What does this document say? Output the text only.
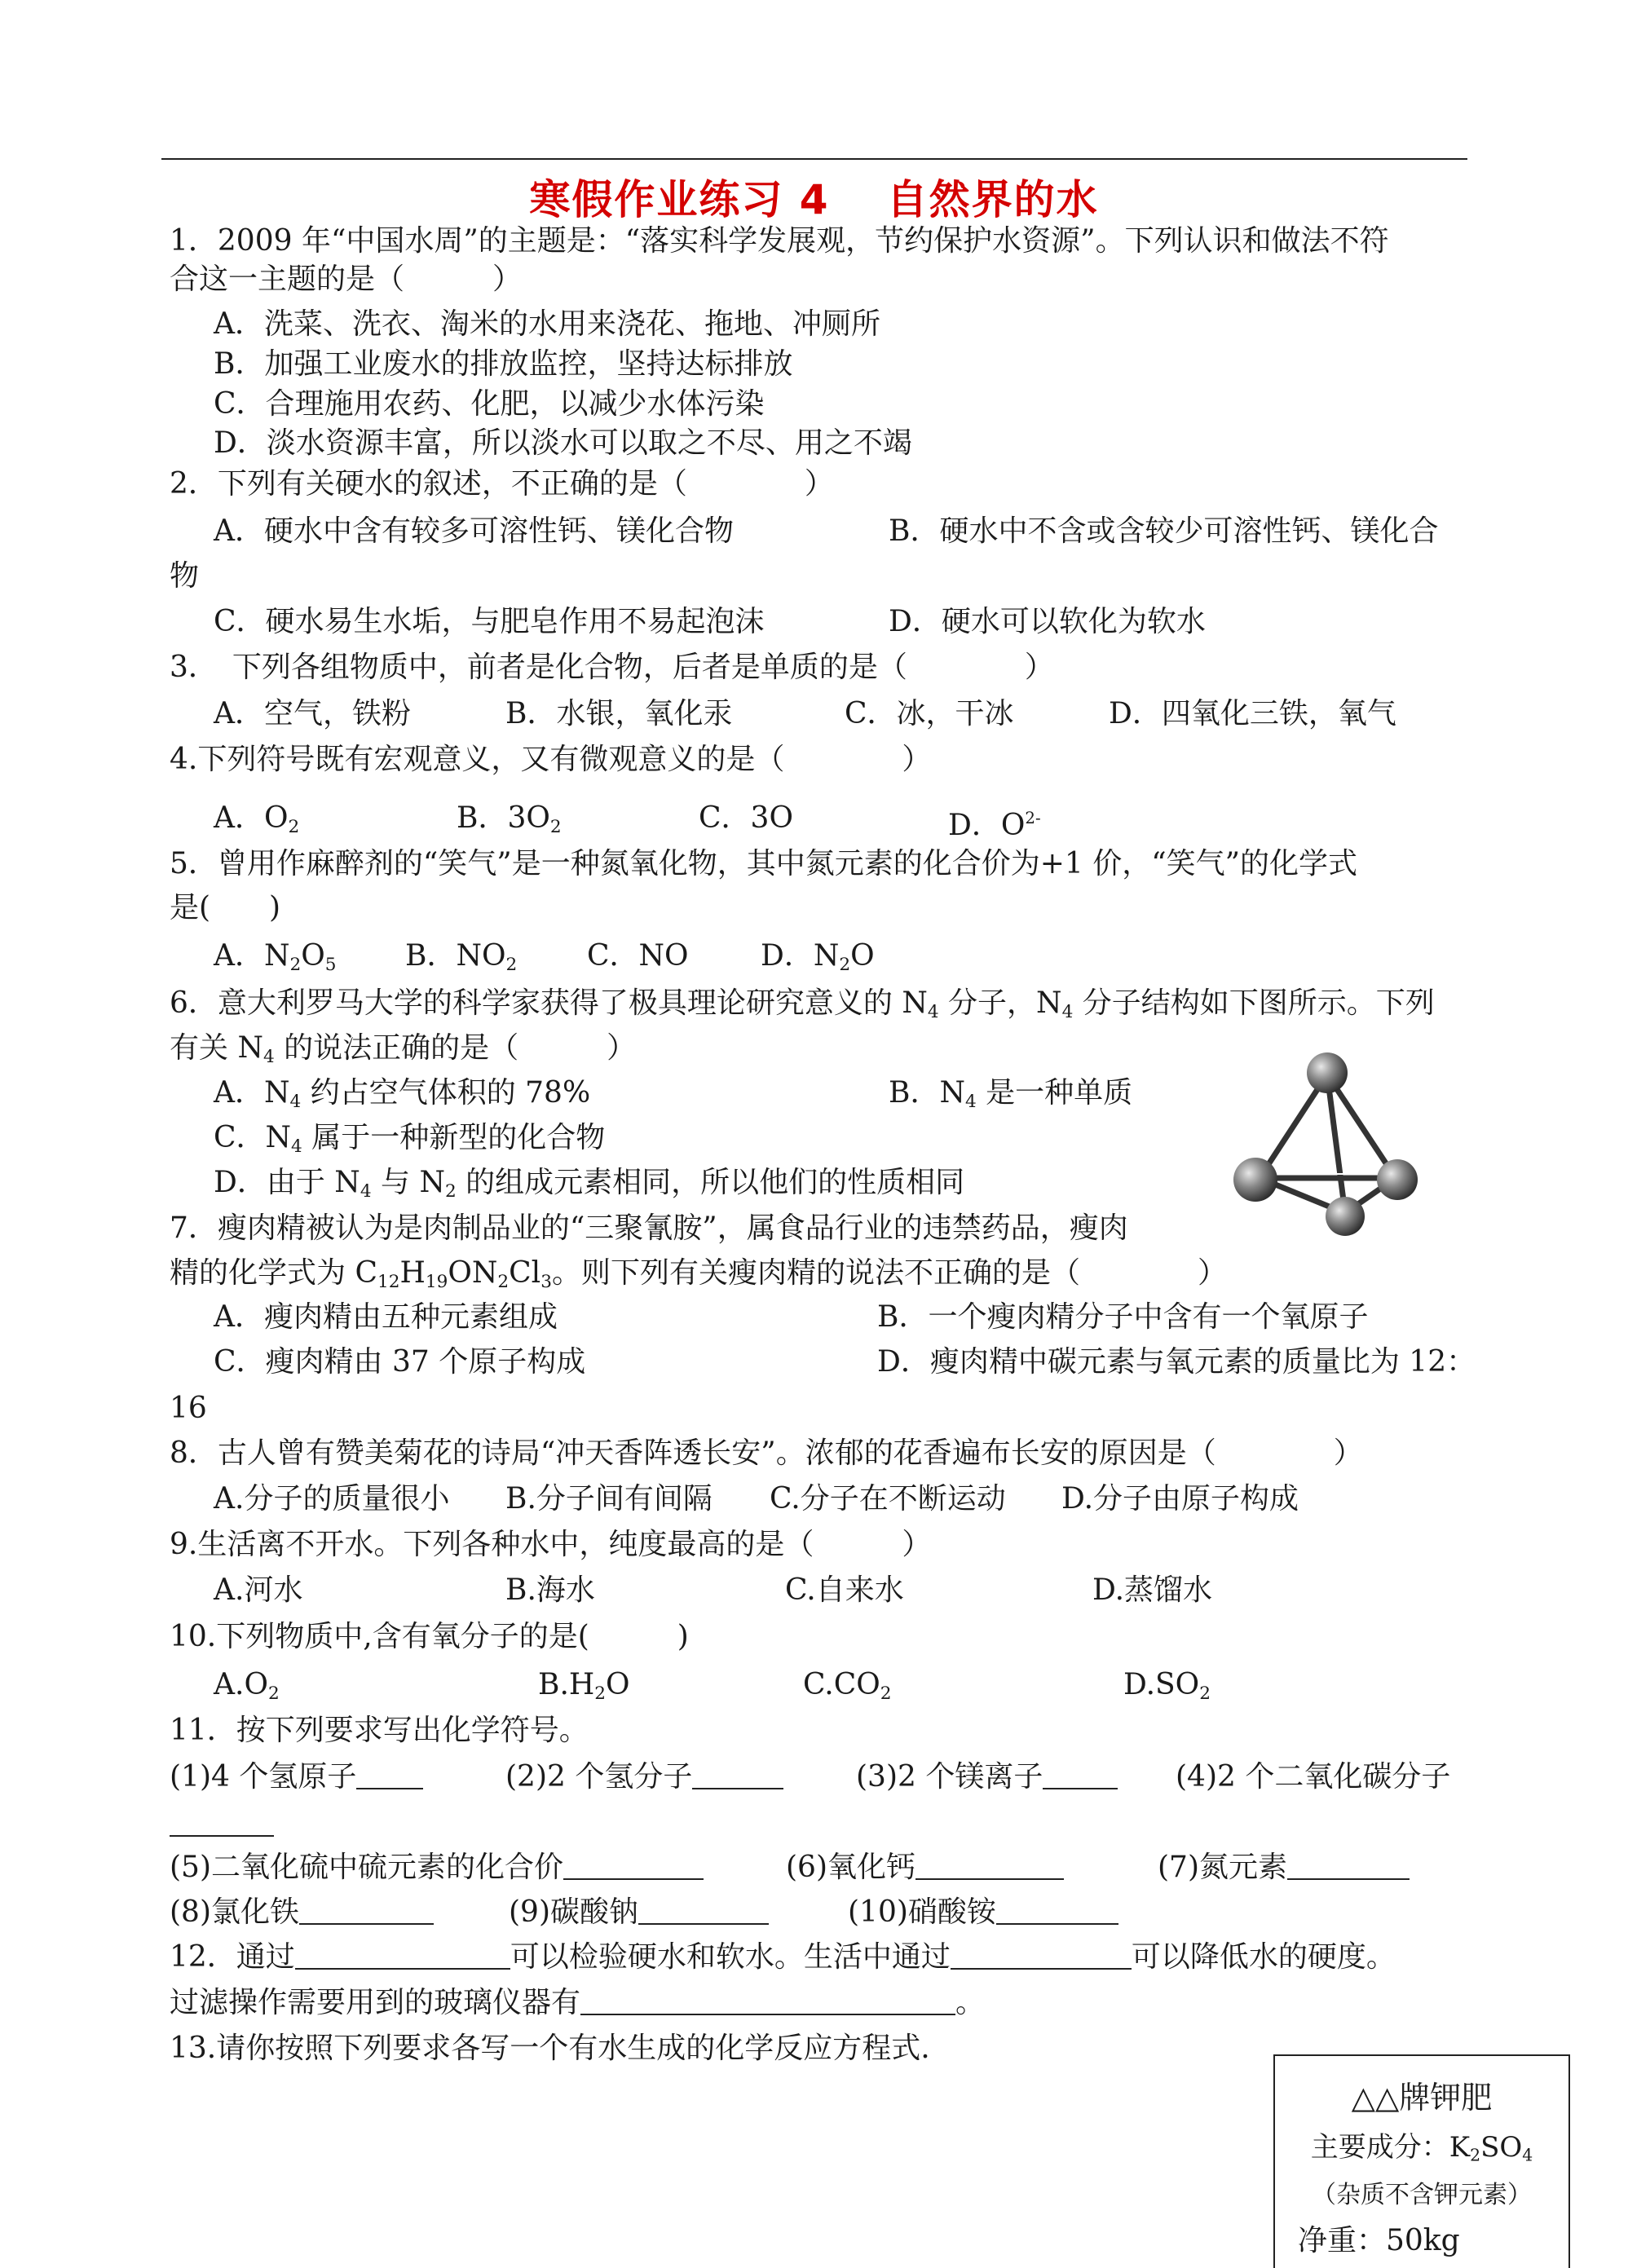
寒假作业练习 4 自然界的水
1．2009 年“中国水周”的主题是：“落实科学发展观，节约保护水资源”。下列认识和做法不符
合这一主题的是（　　　）
A．洗菜、洗衣、淘米的水用来浇花、拖地、冲厕所
B．加强工业废水的排放监控，坚持达标排放
C．合理施用农药、化肥，以减少水体污染
D．淡水资源丰富，所以淡水可以取之不尽、用之不竭
2．下列有关硬水的叙述，不正确的是（　　　　）
A．硬水中含有较多可溶性钙、镁化合物	B．硬水中不含或含较少可溶性钙、镁化合
物
C．硬水易生水垢，与肥皂作用不易起泡沫	D．硬水可以软化为软水
3．　下列各组物质中，前者是化合物，后者是单质的是（　　　　）
A．空气，铁粉	B．水银，氧化汞	C．冰，干冰	D．四氧化三铁，氧气
4.下列符号既有宏观意义，又有微观意义的是（　　　　）
A．$O_2$	B．$3O_2$	C．3O	D．$O^{2-}$
5．曾用作麻醉剂的“笑气”是一种氮氧化物，其中氮元素的化合价为+1 价，“笑气”的化学式
是(　　)
A．$N_2O_5$ B．$NO_2$ C．NO D．$N_2O$
6．意大利罗马大学的科学家获得了极具理论研究意义的 $N_4$ 分子，$N_4$ 分子结构如下图所示。下列
有关 $N_4$ 的说法正确的是（　　　）
A．$N_4$ 约占空气体积的 78%	B．$N_4$ 是一种单质
C．$N_4$ 属于一种新型的化合物
D．由于 $N_4$ 与 $N_2$ 的组成元素相同，所以他们的性质相同
7．瘦肉精被认为是肉制品业的“三聚氰胺”，属食品行业的违禁药品，瘦肉
精的化学式为 $C_{12}H_{19}ON_2Cl_3$。则下列有关瘦肉精的说法不正确的是（　　　　）
A．瘦肉精由五种元素组成	B．一个瘦肉精分子中含有一个氧原子
C．瘦肉精由 37 个原子构成	D．瘦肉精中碳元素与氧元素的质量比为 12：
16
8．古人曾有赞美菊花的诗局“冲天香阵透长安”。浓郁的花香遍布长安的原因是（　　　　）
A.分子的质量很小 B.分子间有间隔 C.分子在不断运动 D.分子由原子构成
9.生活离不开水。下列各种水中，纯度最高的是（　　　）
A.河水	B.海水	C.自来水	D.蒸馏水
10.下列物质中,含有氧分子的是(　　　)
$A.O_2$	$B.H_2O$	$C.CO_2$	$D.SO_2$
11．按下列要求写出化学符号。
(1)4 个氢原子	(2)2 个氢分子	(3)2 个镁离子	(4)2 个二氧化碳分子
(5)二氧化硫中硫元素的化合价	(6)氧化钙	(7)氮元素
(8)氯化铁	(9)碳酸钠	(10)硝酸铵
12．通过	可以检验硬水和软水。生活中通过	可以降低水的硬度。
过滤操作需要用到的玻璃仪器有	。
13.请你按照下列要求各写一个有水生成的化学反应方程式.
△△牌钾肥
主要成分：$K_2SO_4$
（杂质不含钾元素）
净重：50kg
